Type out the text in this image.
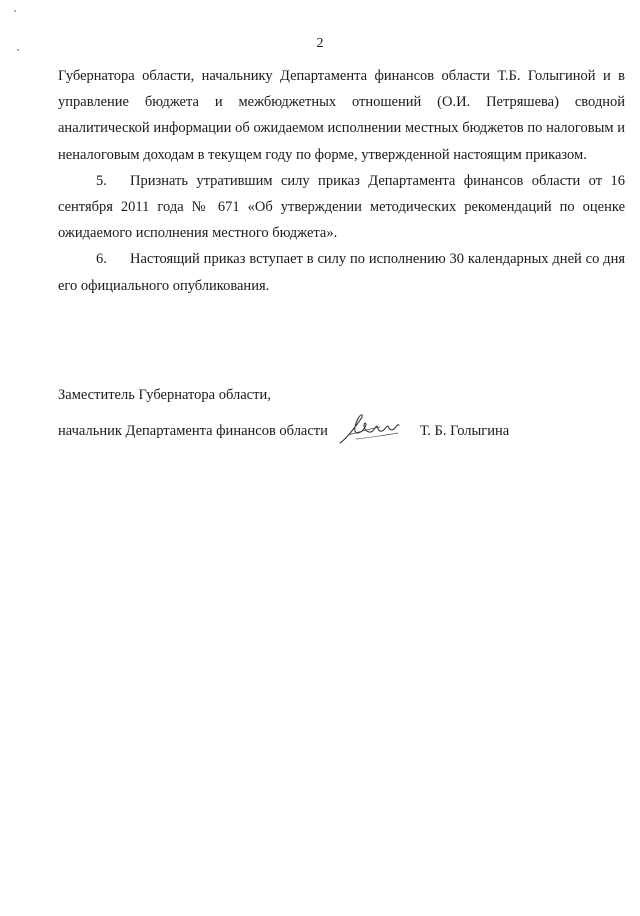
2

Губернатора области, начальнику Департамента финансов области Т.Б. Голыгиной и в управление бюджета и межбюджетных отношений (О.И. Петряшева) сводной аналитической информации об ожидаемом исполнении местных бюджетов по налоговым и неналоговым доходам в текущем году по форме, утвержденной настоящим приказом.

5. Признать утратившим силу приказ Департамента финансов области от 16 сентября 2011 года № 671 «Об утверждении методических рекомендаций по оценке ожидаемого исполнения местного бюджета».

6. Настоящий приказ вступает в силу по исполнению 30 календарных дней со дня его официального опубликования.

Заместитель Губернатора области,
начальник Департамента финансов области	Т. Б. Голыгина
